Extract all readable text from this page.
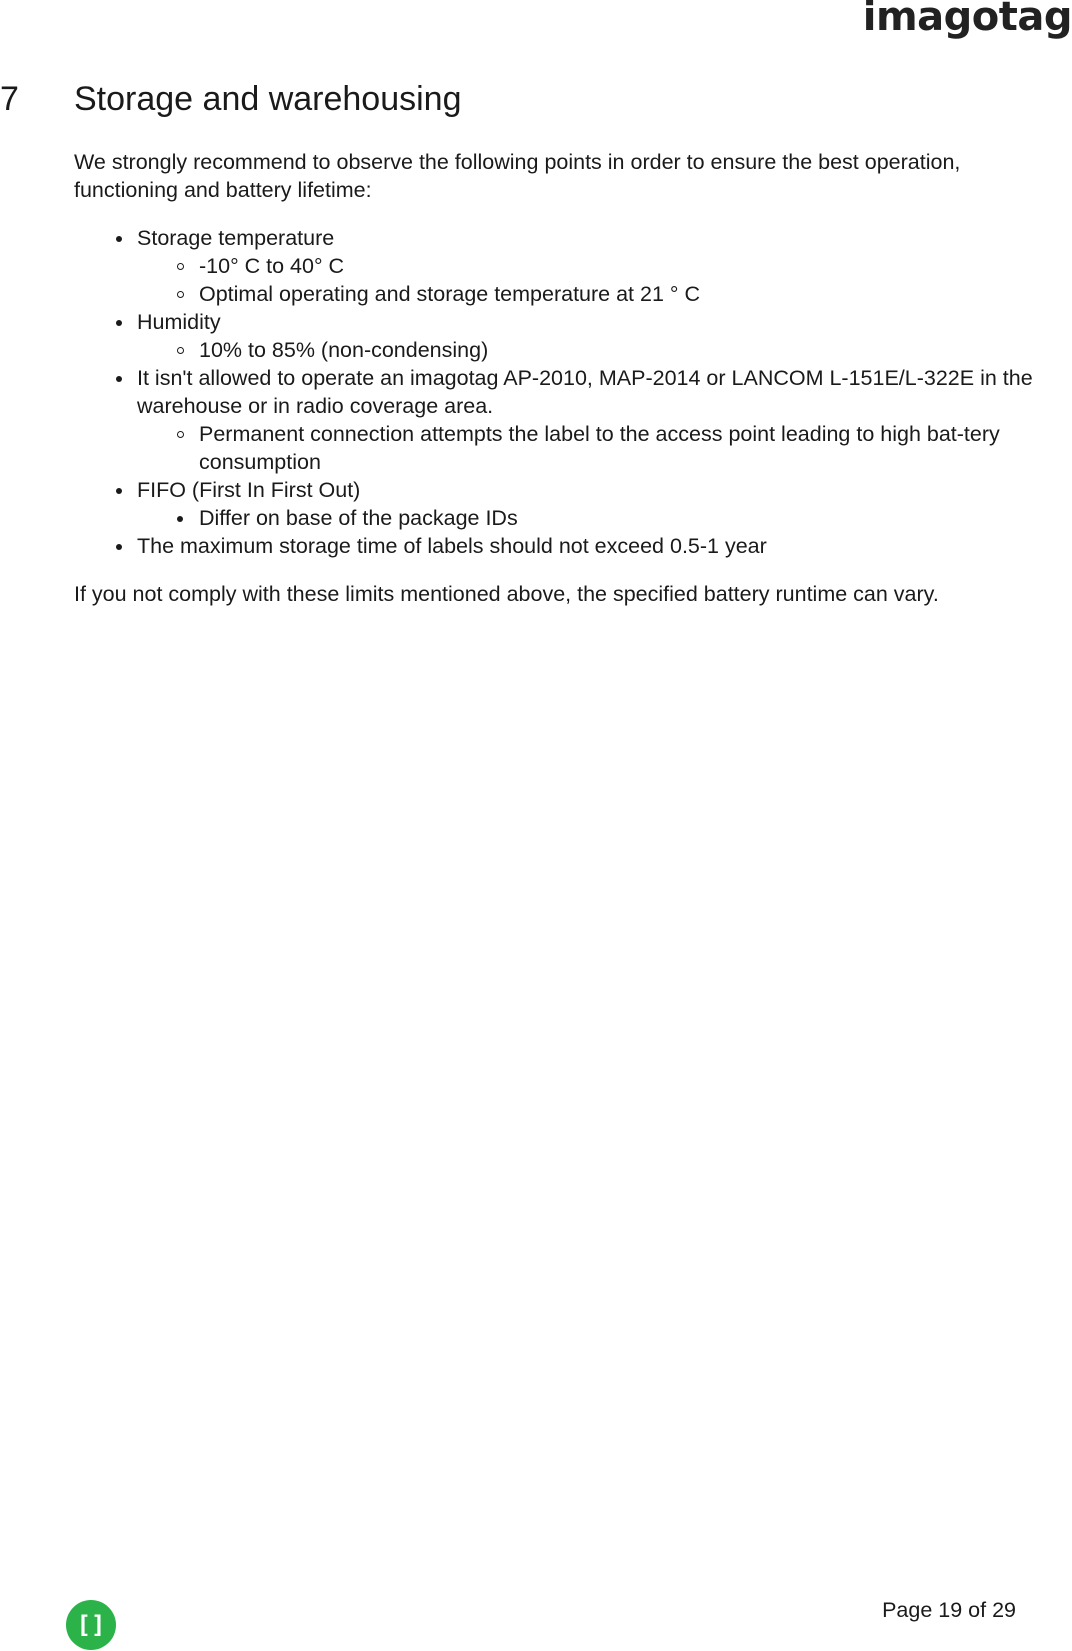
imagotag
7	Storage and warehousing

We strongly recommend to observe the following points in order to ensure the best operation, functioning and battery lifetime:

Storage temperature
-10° C to 40° C
Optimal operating and storage temperature at 21 ° C
Humidity
10% to 85% (non-condensing)
It isn't allowed to operate an imagotag AP-2010, MAP-2014 or LANCOM L-151E/L-322E in the warehouse or in radio coverage area.
Permanent connection attempts the label to the access point leading to high bat-tery consumption
FIFO (First In First Out)
Differ on base of the package IDs
The maximum storage time of labels should not exceed 0.5-1 year

If you not comply with these limits mentioned above, the specified battery runtime can vary.

[]
Page 19 of 29
